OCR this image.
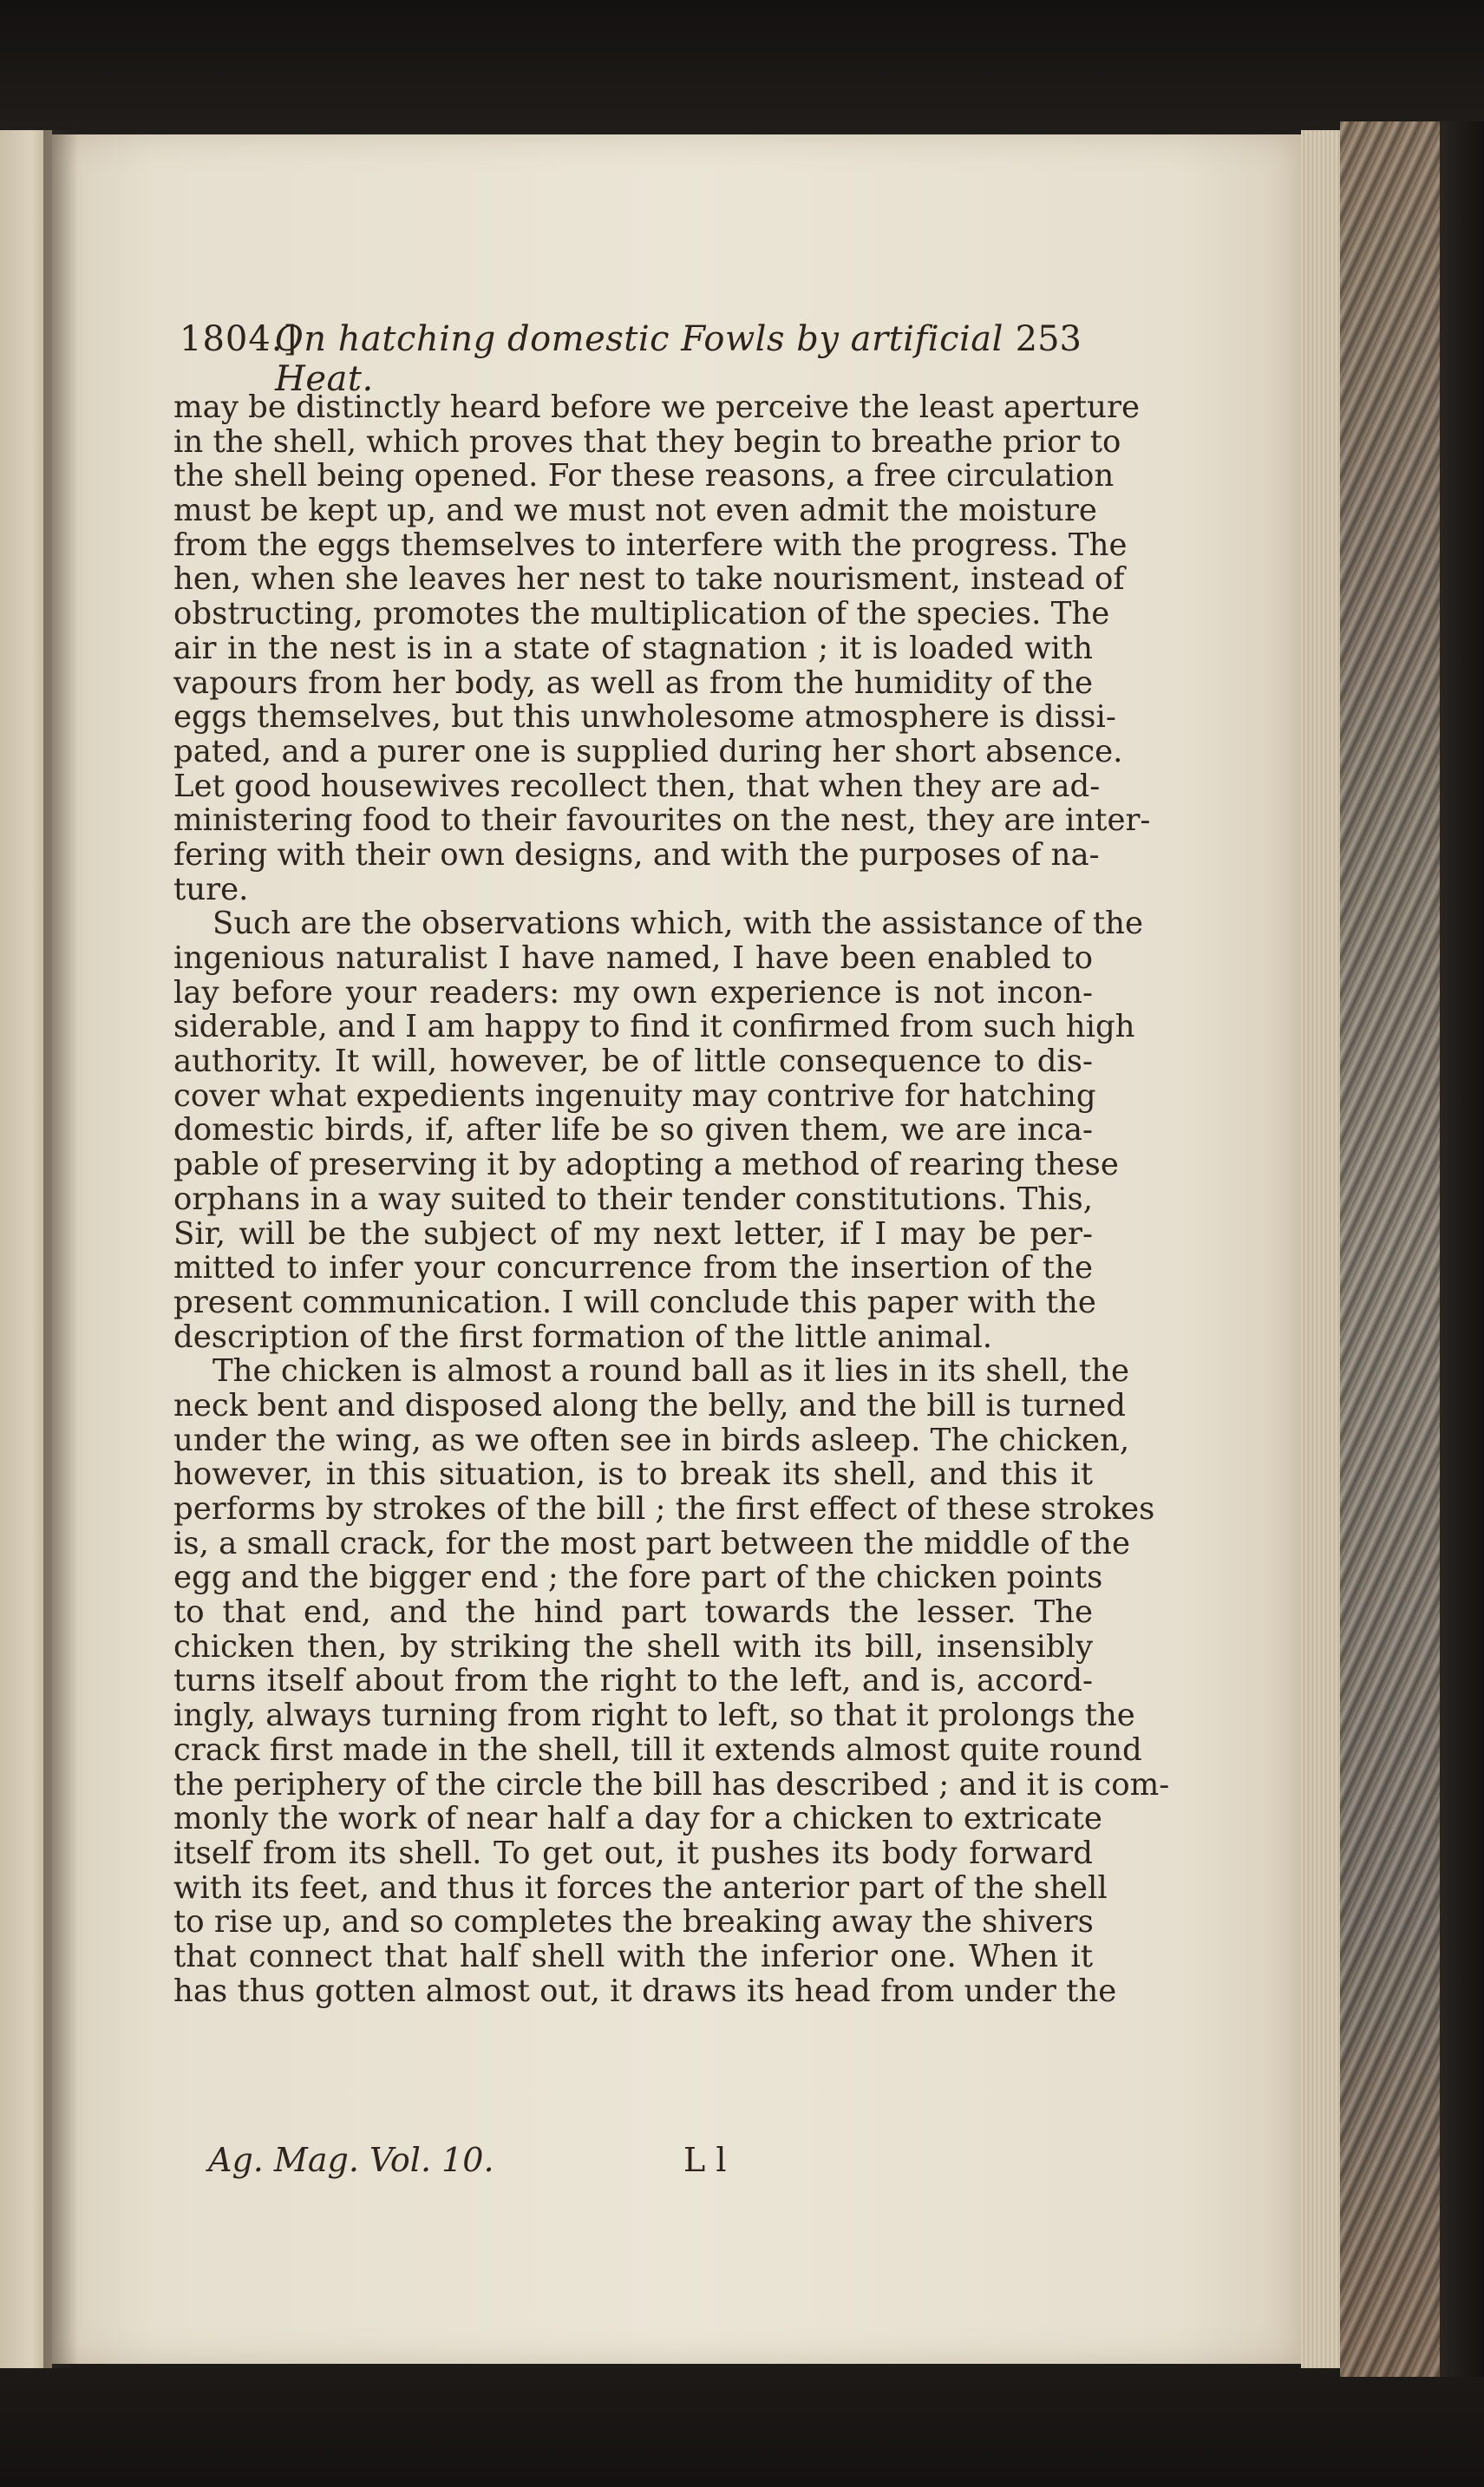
1804.]
On hatching domestic Fowls by artificial Heat.
253
may be distinctly heard before we perceive the least aperture
in the shell, which proves that they begin to breathe prior to
the shell being opened. For these reasons, a free circulation
must be kept up, and we must not even admit the moisture
from the eggs themselves to interfere with the progress. The
hen, when she leaves her nest to take nourisment, instead of
obstructing, promotes the multiplication of the species. The
air in the nest is in a state of stagnation ; it is loaded with
vapours from her body, as well as from the humidity of the
eggs themselves, but this unwholesome atmosphere is dissi-
pated, and a purer one is supplied during her short absence.
Let good housewives recollect then, that when they are ad-
ministering food to their favourites on the nest, they are inter-
fering with their own designs, and with the purposes of na-
ture.
Such are the observations which, with the assistance of the
ingenious naturalist I have named, I have been enabled to
lay before your readers: my own experience is not incon-
siderable, and I am happy to find it confirmed from such high
authority. It will, however, be of little consequence to dis-
cover what expedients ingenuity may contrive for hatching
domestic birds, if, after life be so given them, we are inca-
pable of preserving it by adopting a method of rearing these
orphans in a way suited to their tender constitutions. This,
Sir, will be the subject of my next letter, if I may be per-
mitted to infer your concurrence from the insertion of the
present communication. I will conclude this paper with the
description of the first formation of the little animal.
The chicken is almost a round ball as it lies in its shell, the
neck bent and disposed along the belly, and the bill is turned
under the wing, as we often see in birds asleep. The chicken,
however, in this situation, is to break its shell, and this it
performs by strokes of the bill ; the first effect of these strokes
is, a small crack, for the most part between the middle of the
egg and the bigger end ; the fore part of the chicken points
to that end, and the hind part towards the lesser. The
chicken then, by striking the shell with its bill, insensibly
turns itself about from the right to the left, and is, accord-
ingly, always turning from right to left, so that it prolongs the
crack first made in the shell, till it extends almost quite round
the periphery of the circle the bill has described ; and it is com-
monly the work of near half a day for a chicken to extricate
itself from its shell. To get out, it pushes its body forward
with its feet, and thus it forces the anterior part of the shell
to rise up, and so completes the breaking away the shivers
that connect that half shell with the inferior one. When it
has thus gotten almost out, it draws its head from under the
Ag. Mag. Vol. 10.	L l
